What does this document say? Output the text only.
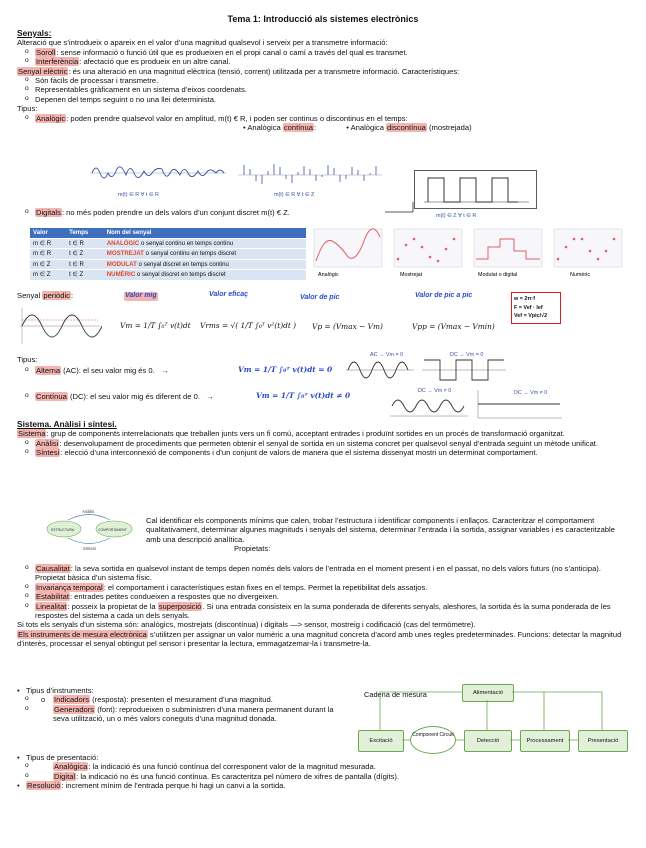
Tema 1: Introducció als sistemes electrònics
Senyals:
Alteració que s’introdueix o apareix en el valor d’una magnitud qualsevol i serveix per a transmetre informació:
o Soroll: sense informació o funció útil que es produeixen en el propi canal o camí a través del qual es transmet.
o Interferència: afectació que es produeix en un altre canal.
Senyal elèctric: és una alteració en una magnitud elèctrica (tensió, corrent) utilitzada per a transmetre informació. Característiques:
o Són fàcils de processar i transmetre.
o Representables gràficament en un sistema d’eixos coordenats.
o Depenen del temps seguint o no una llei determinista.
Tipus:
o Analògic: poden prendre qualsevol valor en amplitud, m(t) € R, i poden ser continus o discontinus en el temps:
• Analògica contínua:	• Analògica discontínua (mostrejada)
m(t) ∈ R ∀ t ∈ R	m(t) ∈ R ∀ t ∈ Z
m(t) ∈ Z ∀ t ∈ R
o Digitals: no més poden prendre un dels valors d’un conjunt discret m(t) € Z.
Valor	Temps	Nom del senyal
m ∈ R	t ∈ R	ANALÒGIC o senyal continu en temps continu
m ∈ R	t ∈ Z	MOSTREJAT o senyal continu en temps discret
m ∈ Z	t ∈ R	MODULAT o senyal discret en temps continu
m ∈ Z	t ∈ Z	NUMÈRIC o senyal discret en temps discret	Analògic	Mostrejat	Modulat o digital	Numèric
Senyal periòdic:	Valor mig	Valor eficaç	Valor de pic	Valor de pic a pic
Vm = 1/T ∫₀ᵀ v(t)dt Vrms = √( 1/T ∫₀ᵀ v²(t)dt ) Vp = (Vmax − Vm)	Vpp = (Vmax − Vmin)
w = 2π·f
F = Vef · Ief
Vef = Vpic/√2
Tipus:
o Alterna (AC): el seu valor mig és 0.   →	Vm = 1/T ∫₀ᵀ v(t)dt = 0
AC → Vm = 0	DC → Vm = 0
o Contínua (DC): el seu valor mig és diferent de 0.   →	Vm = 1/T ∫₀ᵀ v(t)dt ≠ 0	DC → Vm ≠ 0	DC → Vm ≠ 0
Sistema. Anàlisi i síntesi.
Sistema: grup de components interrelacionats que treballen junts vers un fi comú, acceptant entrades i produïnt sortides en un procés de transformació organitzat.
o Anàlisi: desenvolupament de procediments que permeten obtenir el senyal de sortida en un sistema concret per qualsevol senyal d’entrada seguint un mètode unificat.
o Síntesi: elecció d’una interconnexió de components i d’un conjunt de valors de manera que el sistema dissenyat mostri un determinat comportament.
Anàlisi
Síntesi
ESTRUCTURA	COMPORTAMENT
Cal identificar els components mínims que calen, trobar l’estructura i identificar components i enllaços. Caracteritzar el comportament qualitativament, determinar algunes magnituds i senyals del sistema, determinar l’entrada i la sortida, assignar variables i es caracteritzable amb una descripció analítica.
Propietats:
o Causalitat: la seva sortida en qualsevol instant de temps depen només dels valors de l’entrada en el moment present i en el passat, no dels valors futurs (no s’anticipa). Propietat bàsica d’un sistema físic.
o Invariança temporal: el comportament i característiques estan fixes en el temps. Permet la repetibilitat dels assatjos.
o Estabilitat: entrades petites condueixen a respostes que no divergeixen.
o Linealitat: posseix la propietat de la superposició. Si una entrada consisteix en la suma ponderada de diferents senyals, aleshores, la sortida és la suma ponderada de les respostes del sistema a cada un dels senyals.
Si tots els senyals d’un sistema són: analògics, mostrejats (discontínua) i digitals —> sensor, mostreig i codificació (cas del termòmetre).
Els instruments de mesura electrònica s’utilitzen per assignar un valor numèric a una magnitud concreta d’acord amb unes regles predeterminades. Funcions: detectar la magnitud d’interès, processar el senyal obtingut pel sensor i presentar la lectura, emmagatzemar-la i transmetre-la.
• Tipus d’instruments:
o o Indicadors (resposta): presenten el mesurament d’una magnitud.
o Generadors (font): reprodueixen o subministren d’una manera permanent durant la seva utilització, un o més valors coneguts d’una magnitud donada.
Cadena de mesura	Alimentació
Excitació
Component Circuit
Detecció	Processament	Presentació
• Tipus de presentació:
o Analògica: la indicació és una funció contínua del corresponent valor de la magnitud mesurada.
o Digital: la indicació no és una funció contínua. Es caracteritza pel número de xifres de pantalla (dígits).
• Resolució: increment mínim de l’entrada perque hi hagi un canvi a la sortida.
